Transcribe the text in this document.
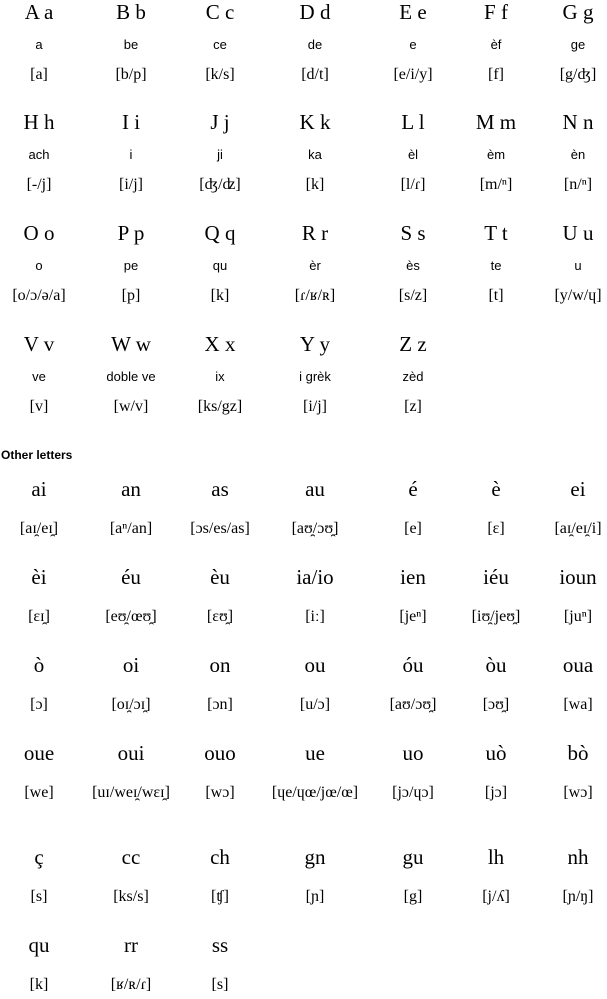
A a
a
[a]
B b
be
[b/p]
C c
ce
[k/s]
D d
de
[d/t]
E e
e
[e/i/y]
F f
èf
[f]
G g
ge
[g/ʤ]
H h
ach
[-/j]
I i
i
[i/j]
J j
ji
[ʤ/ʣ]
K k
ka
[k]
L l
èl
[l/ɾ]
M m
èm
[m/ⁿ]
N n
èn
[n/ⁿ]
O o
o
[o/ɔ/ə/a]
P p
pe
[p]
Q q
qu
[k]
R r
èr
[ɾ/ʁ/ʀ]
S s
ès
[s/z]
T t
te
[t]
U u
u
[y/w/ɥ]
V v
ve
[v]
W w
doble ve
[w/v]
X x
ix
[ks/gz]
Y y
i grèk
[i/j]
Z z
zèd
[z]
Other letters
ai
[aɪ̯/eɪ̯]
an
[aⁿ/an]
as
[ɔs/es/as]
au
[aʊ̯/ɔʊ̯]
é
[e]
è
[ɛ]
ei
[aɪ̯/eɪ̯/i]
èi
[ɛɪ̯]
éu
[eʊ̯/œʊ̯]
èu
[ɛʊ̯]
ia/io
[iː]
ien
[jeⁿ]
iéu
[iʊ̯/jeʊ̯]
ioun
[juⁿ]
ò
[ɔ]
oi
[oɪ̯/ɔɪ̯]
on
[ɔn]
ou
[u/ɔ]
óu
[aʊ/ɔʊ̯]
òu
[ɔʊ̯]
oua
[wa]
oue
[we]
oui
[uɪ/weɪ̯/wɛɪ̯]
ouo
[wɔ]
ue
[ɥe/ɥœ/jœ/œ]
uo
[jɔ/ɥɔ]
uò
[jɔ]
bò
[wɔ]
ç
[s]
cc
[ks/s]
ch
[ʧ]
gn
[ɲ]
gu
[g]
lh
[j/ʎ]
nh
[ɲ/ŋ]
qu
[k]
rr
[ʁ/ʀ/ɾ]
ss
[s]
